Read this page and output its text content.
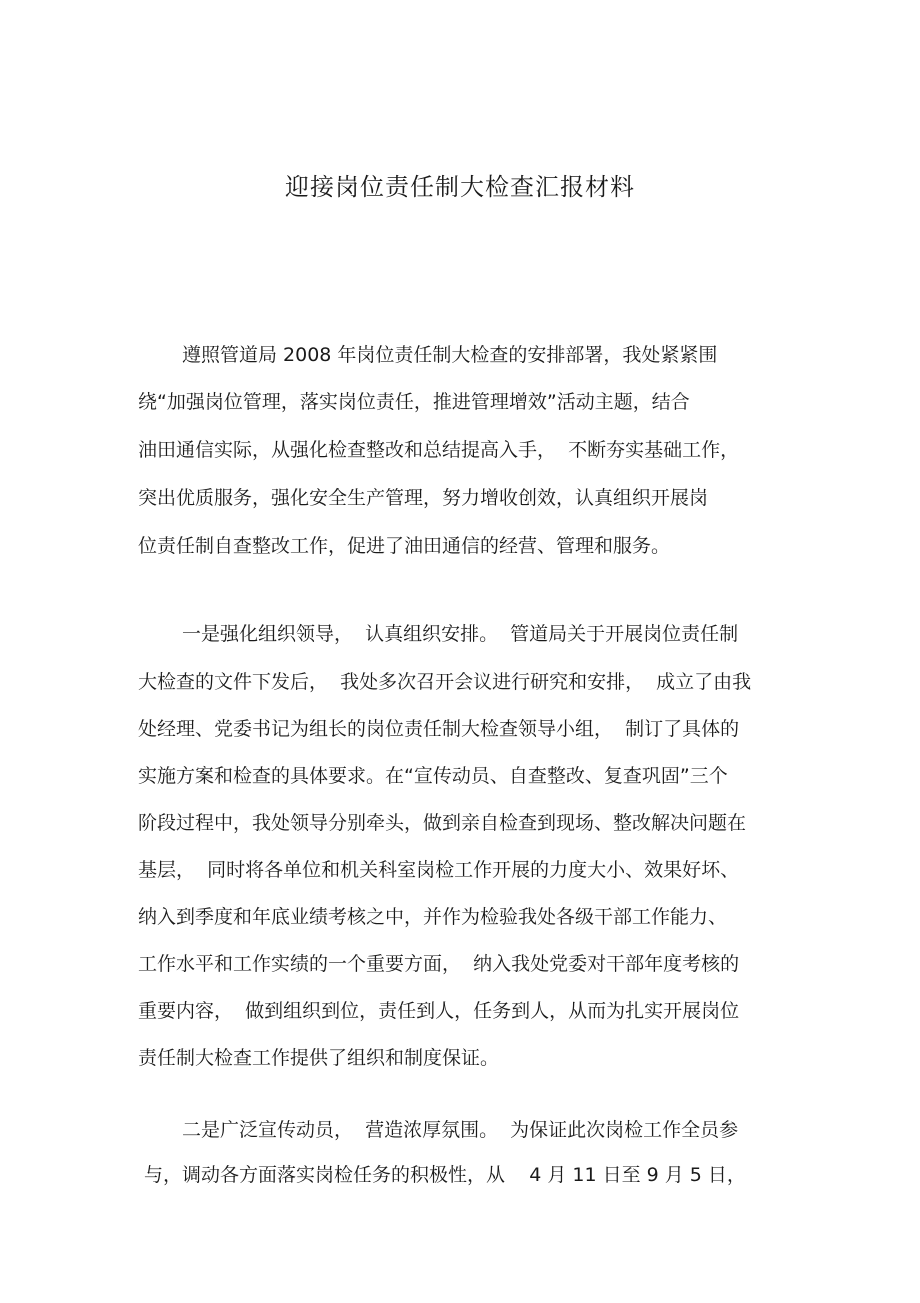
迎接岗位责任制大检查汇报材料
遵照管道局 2008 年岗位责任制大检查的安排部署，我处紧紧围
绕“加强岗位管理，落实岗位责任，推进管理增效”活动主题，结合
油田通信实际，从强化检查整改和总结提高入手，  不断夯实基础工作，
突出优质服务，强化安全生产管理，努力增收创效，认真组织开展岗
位责任制自查整改工作，促进了油田通信的经营、管理和服务。
一是强化组织领导，  认真组织安排。  管道局关于开展岗位责任制
大检查的文件下发后，  我处多次召开会议进行研究和安排，  成立了由我
处经理、党委书记为组长的岗位责任制大检查领导小组，  制订了具体的
实施方案和检查的具体要求。在“宣传动员、自查整改、复查巩固”三个
阶段过程中，我处领导分别牵头，做到亲自检查到现场、整改解决问题在
基层，  同时将各单位和机关科室岗检工作开展的力度大小、效果好坏、
纳入到季度和年底业绩考核之中，并作为检验我处各级干部工作能力、
工作水平和工作实绩的一个重要方面，  纳入我处党委对干部年度考核的
重要内容，  做到组织到位，责任到人，任务到人，从而为扎实开展岗位
责任制大检查工作提供了组织和制度保证。
二是广泛宣传动员，  营造浓厚氛围。  为保证此次岗检工作全员参
与，调动各方面落实岗检任务的积极性，从    4 月 11 日至 9 月 5 日，
